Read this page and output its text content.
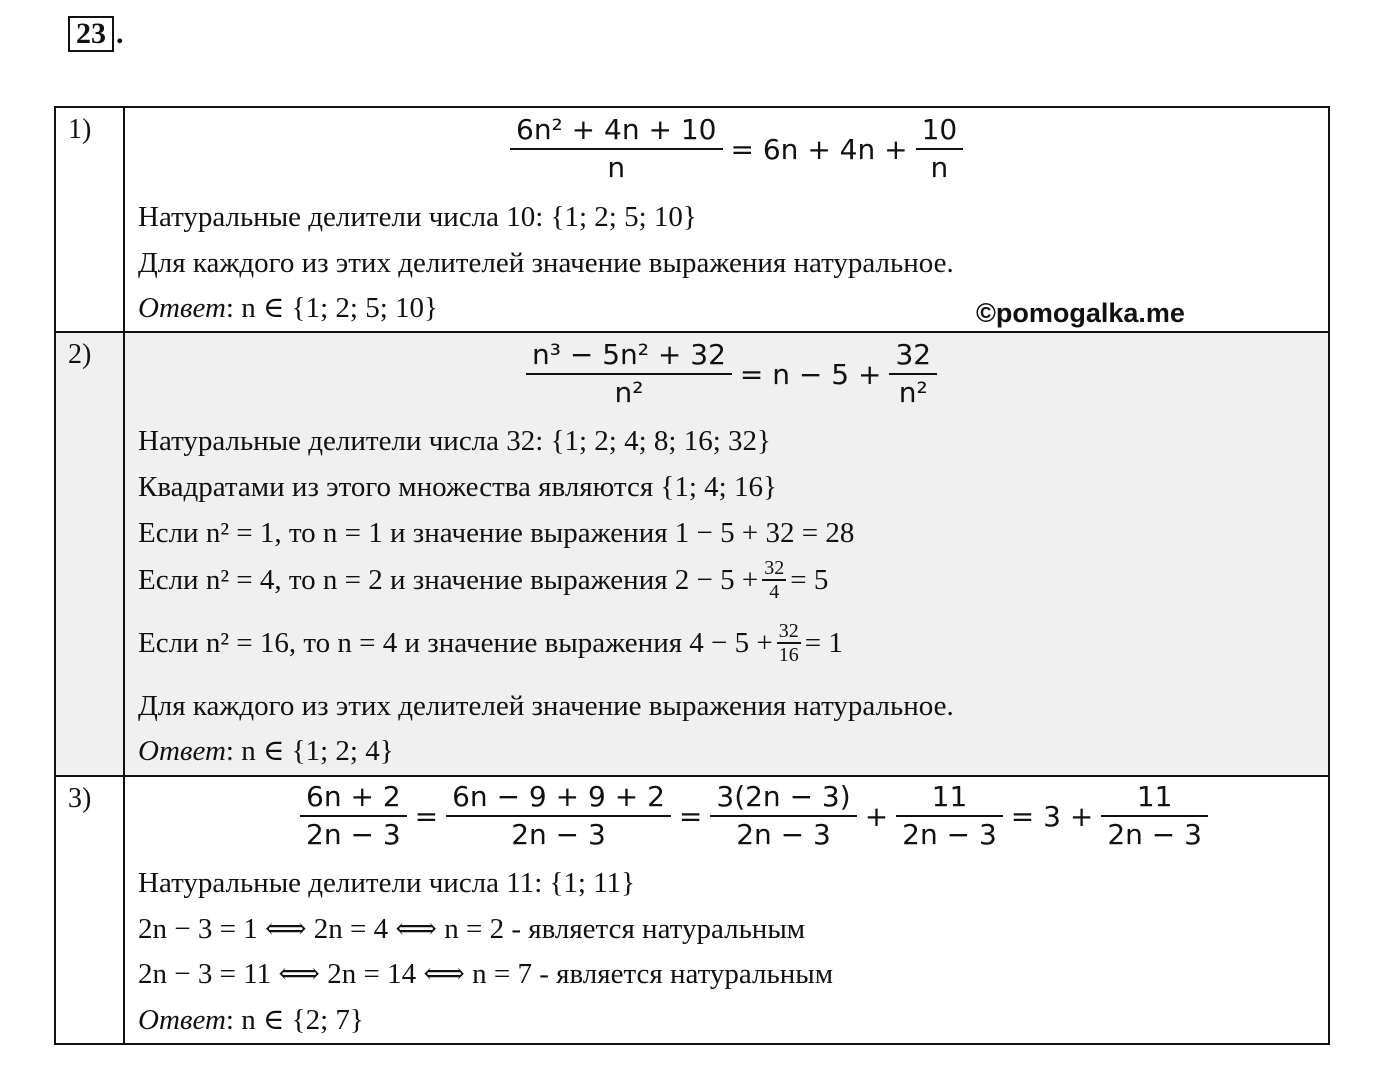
23 .
1)	$\frac{\text{6n² + 4n + 10}}{n} = 6n + 4n + \frac{10}{n}$
Натуральные делители числа 10: {1; 2; 5; 10}
Для каждого из этих делителей значение выражения натуральное.
Ответ: n ∈ {1; 2; 5; 10}	©pomogalka.me
2)	$\frac{\text{n³ − 5n² + 32}}{\text{n²}} = n - 5 + \frac{32}{\text{n²}}$
Натуральные делители числа 32: {1; 2; 4; 8; 16; 32}
Квадратами из этого множества являются {1; 4; 16}
Если n² = 1, то n = 1 и значение выражения 1 − 5 + 32 = 28
Если n² = 4, то n = 2 и значение выражения $2 - 5 + \frac{32}{4} = 5$
Если n² = 16, то n = 4 и значение выражения $4 - 5 + \frac{32}{16} = 1$
Для каждого из этих делителей значение выражения натуральное.
Ответ: n ∈ {1; 2; 4}
3)	$\frac{6n + 2}{2n - 3} = \frac{6n - 9 + 9 + 2}{2n - 3} = \frac{3(2n - 3)}{2n - 3} + \frac{11}{2n - 3} = 3 + \frac{11}{2n - 3}$
Натуральные делители числа 11: {1; 11}
2n − 3 = 1 ⟺ 2n = 4 ⟺ n = 2 - является натуральным
2n − 3 = 11 ⟺ 2n = 14 ⟺ n = 7 - является натуральным
Ответ: n ∈ {2; 7}
